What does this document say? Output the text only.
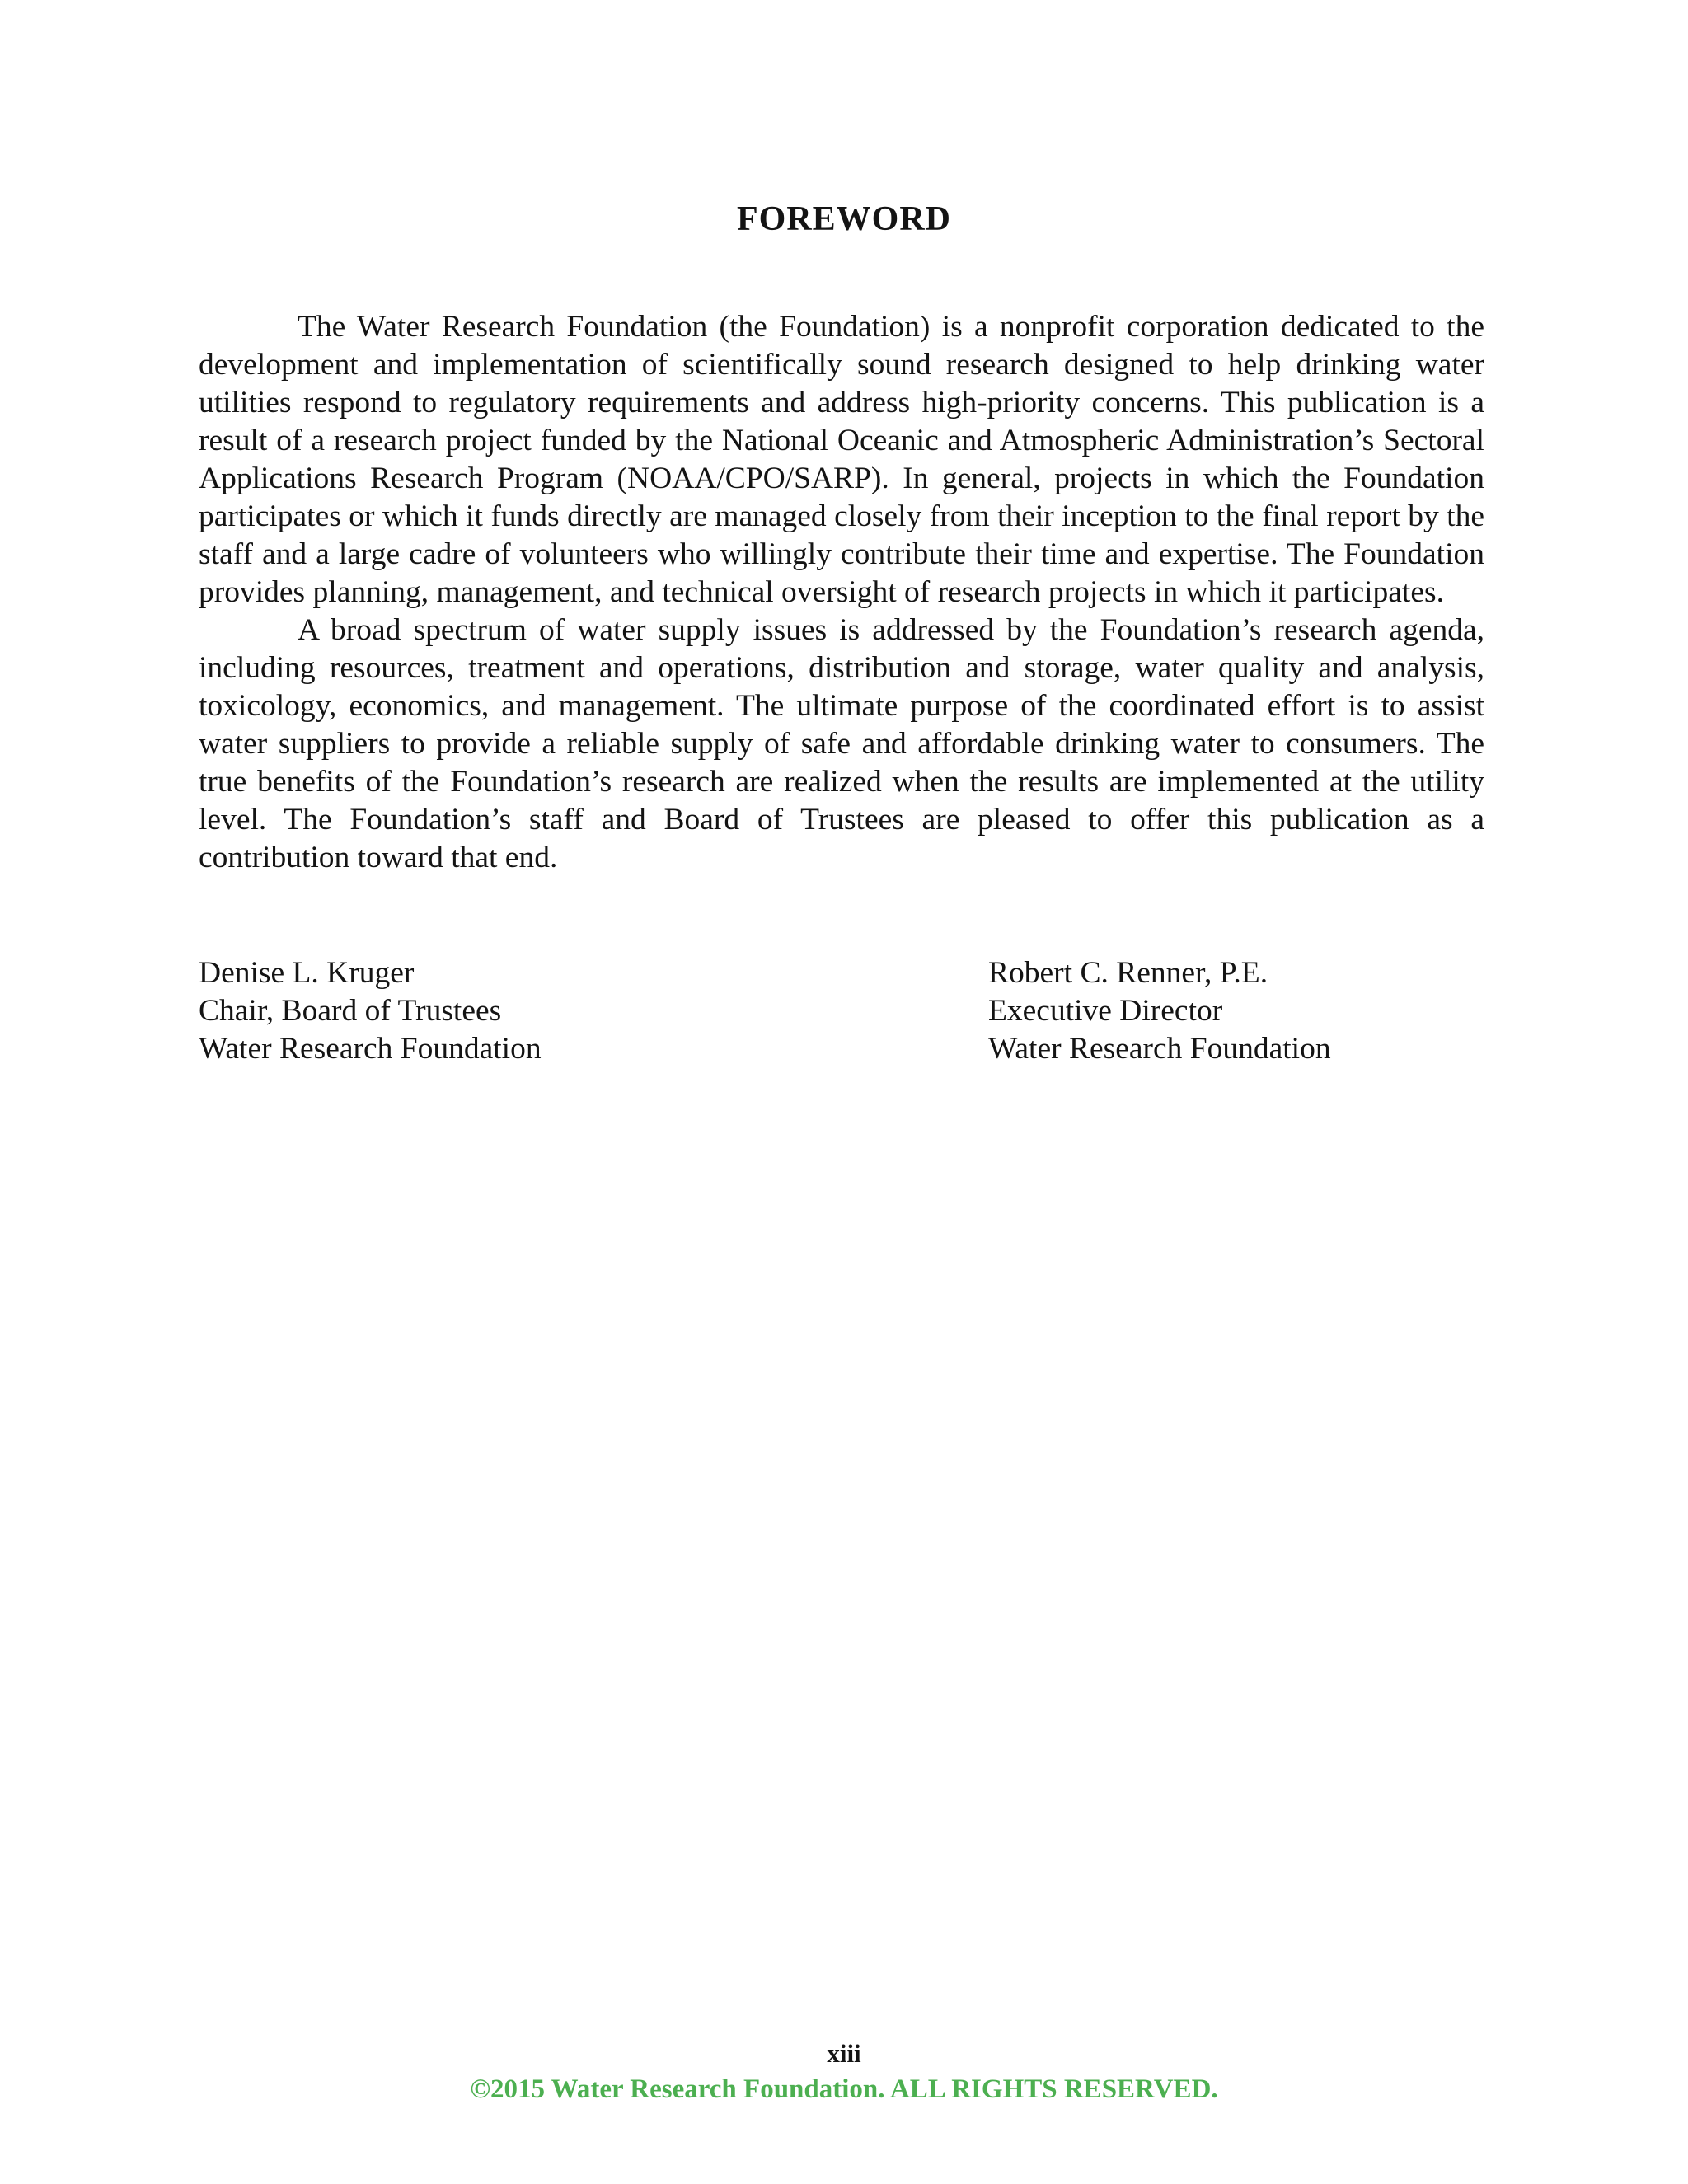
FOREWORD

The Water Research Foundation (the Foundation) is a nonprofit corporation dedicated to the development and implementation of scientifically sound research designed to help drinking water utilities respond to regulatory requirements and address high-priority concerns. This publication is a result of a research project funded by the National Oceanic and Atmospheric Administration’s Sectoral Applications Research Program (NOAA/CPO/SARP). In general, projects in which the Foundation participates or which it funds directly are managed closely from their inception to the final report by the staff and a large cadre of volunteers who willingly contribute their time and expertise. The Foundation provides planning, management, and technical oversight of research projects in which it participates.

A broad spectrum of water supply issues is addressed by the Foundation’s research agenda, including resources, treatment and operations, distribution and storage, water quality and analysis, toxicology, economics, and management. The ultimate purpose of the coordinated effort is to assist water suppliers to provide a reliable supply of safe and affordable drinking water to consumers. The true benefits of the Foundation’s research are realized when the results are implemented at the utility level. The Foundation’s staff and Board of Trustees are pleased to offer this publication as a contribution toward that end.

Denise L. Kruger
Chair, Board of Trustees
Water Research Foundation
Robert C. Renner, P.E.
Executive Director
Water Research Foundation
xiii
©2015 Water Research Foundation. ALL RIGHTS RESERVED.
